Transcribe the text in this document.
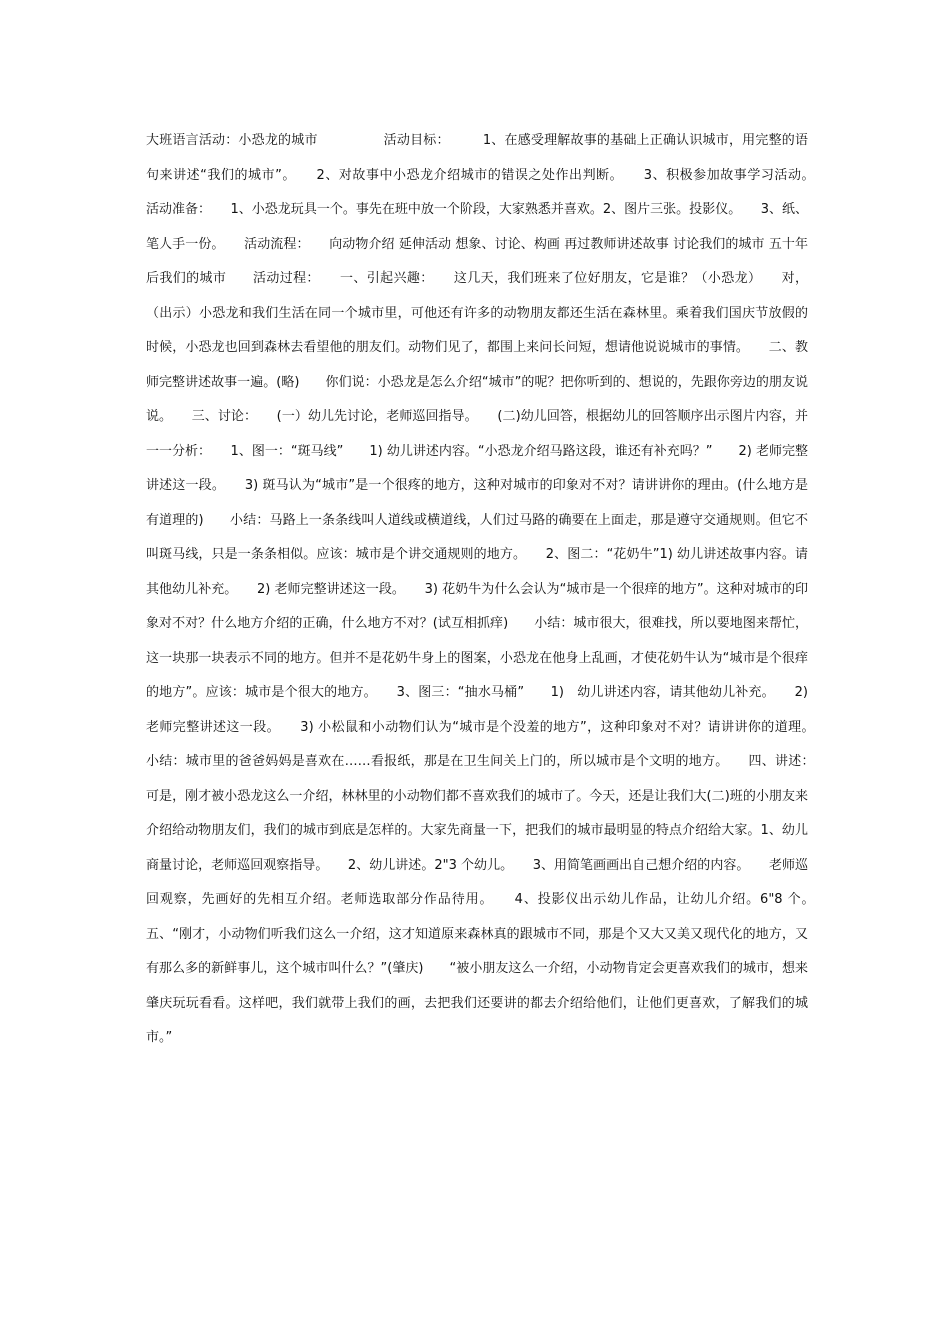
大班语言活动：小恐龙的城市　　　　　活动目标：　　　1、在感受理解故事的基础上正确认识城市，用完整的语句来讲述“我们的城市”。　　2、对故事中小恐龙介绍城市的错误之处作出判断。　　3、积极参加故事学习活动。　　活动准备：　　1、小恐龙玩具一个。事先在班中放一个阶段，大家熟悉并喜欢。2、图片三张。投影仪。　　3、纸、笔人手一份。　　活动流程：　　向动物介绍 延伸活动 想象、讨论、构画 再过教师讲述故事 讨论我们的城市 五十年后我们的城市　　活动过程：　　一、引起兴趣：　　这几天，我们班来了位好朋友，它是谁？（小恐龙）　　对，（出示）小恐龙和我们生活在同一个城市里，可他还有许多的动物朋友都还生活在森林里。乘着我们国庆节放假的时候，小恐龙也回到森林去看望他的朋友们。动物们见了，都围上来问长问短，想请他说说城市的事情。　　二、教师完整讲述故事一遍。(略)　　你们说：小恐龙是怎么介绍“城市”的呢？把你听到的、想说的，先跟你旁边的朋友说说。　　三、讨论：　　(一）幼儿先讨论，老师巡回指导。　　(二)幼儿回答，根据幼儿的回答顺序出示图片内容，并一一分析：　　1、图一：“斑马线”　　1) 幼儿讲述内容。“小恐龙介绍马路这段，谁还有补充吗？”　　2) 老师完整讲述这一段。　　3) 斑马认为“城市”是一个很疼的地方，这种对城市的印象对不对？请讲讲你的理由。(什么地方是有道理的)　　小结：马路上一条条线叫人道线或横道线，人们过马路的确要在上面走，那是遵守交通规则。但它不叫斑马线，只是一条条相似。应该：城市是个讲交通规则的地方。　　2、图二：“花奶牛”1) 幼儿讲述故事内容。请其他幼儿补充。　　2) 老师完整讲述这一段。　　3) 花奶牛为什么会认为“城市是一个很痒的地方”。这种对城市的印象对不对？什么地方介绍的正确，什么地方不对？(试互相抓痒)　　小结：城市很大，很难找，所以要地图来帮忙，这一块那一块表示不同的地方。但并不是花奶牛身上的图案，小恐龙在他身上乱画，才使花奶牛认为“城市是个很痒的地方”。应该：城市是个很大的地方。　　3、图三：“抽水马桶”　　1)　幼儿讲述内容，请其他幼儿补充。　　2) 老师完整讲述这一段。　　3) 小松鼠和小动物们认为“城市是个没羞的地方”，这种印象对不对？请讲讲你的道理。　　小结：城市里的爸爸妈妈是喜欢在……看报纸，那是在卫生间关上门的，所以城市是个文明的地方。　　四、讲述：　　可是，刚才被小恐龙这么一介绍，林林里的小动物们都不喜欢我们的城市了。今天，还是让我们大(二)班的小朋友来介绍给动物朋友们，我们的城市到底是怎样的。大家先商量一下，把我们的城市最明显的特点介绍给大家。1、幼儿商量讨论，老师巡回观察指导。　　2、幼儿讲述。2"3 个幼儿。　　3、用简笔画画出自己想介绍的内容。　　老师巡回观察，先画好的先相互介绍。老师选取部分作品待用。　　4、投影仪出示幼儿作品，让幼儿介绍。6"8 个。　　五、“刚才，小动物们听我们这么一介绍，这才知道原来森林真的跟城市不同，那是个又大又美又现代化的地方，又有那么多的新鲜事儿，这个城市叫什么？”(肇庆)　　“被小朋友这么一介绍，小动物肯定会更喜欢我们的城市，想来肇庆玩玩看看。这样吧，我们就带上我们的画，去把我们还要讲的都去介绍给他们，让他们更喜欢，了解我们的城市。”
